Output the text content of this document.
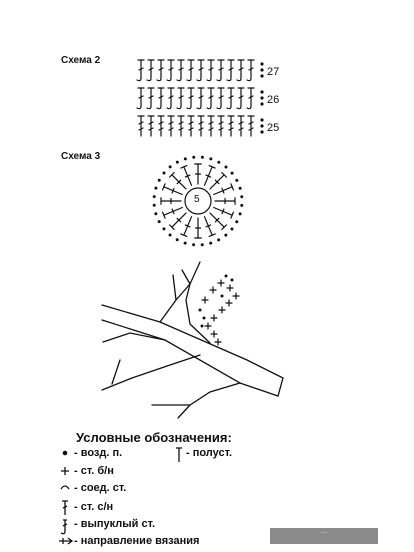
Схема 2
27
26
25
Схема 3
5
Условные обозначения:
- возд. п.	- полуст.
- ст. б/н
- соед. ст.
- ст. с/н
- выпуклый ст.
- направление вязания
...
